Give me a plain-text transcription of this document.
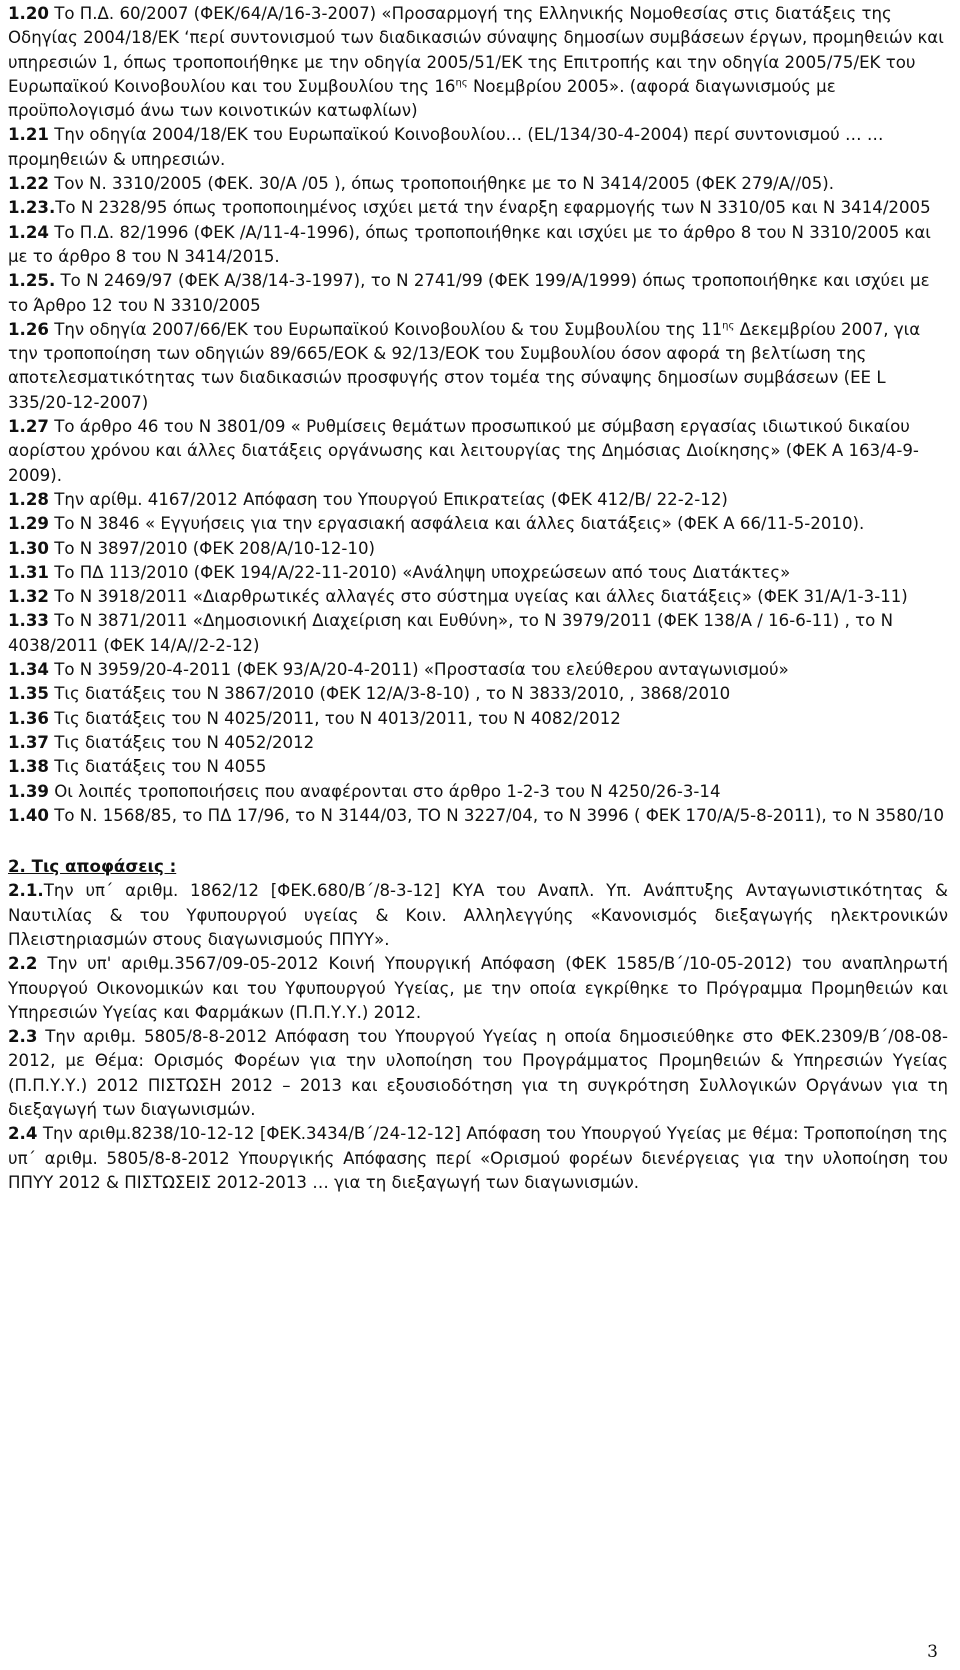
1.20 Το Π.Δ. 60/2007 (ΦΕΚ/64/Α/16-3-2007) «Προσαρμογή της Ελληνικής Νομοθεσίας στις διατάξεις της Οδηγίας 2004/18/ΕΚ ‘περί συντονισμού των διαδικασιών σύναψης δημοσίων συμβάσεων έργων, προμηθειών και υπηρεσιών 1, όπως τροποποιήθηκε με την οδηγία 2005/51/ΕΚ της Επιτροπής και την οδηγία 2005/75/ΕΚ του Ευρωπαϊκού Κοινοβουλίου και του Συμβουλίου της $16^{\eta\varsigma}$ Νοεμβρίου 2005». (αφορά διαγωνισμούς με προϋπολογισμό άνω των κοινοτικών κατωφλίων)

1.21 Την οδηγία 2004/18/ΕΚ του Ευρωπαϊκού Κοινοβουλίου… (EL/134/30-4-2004) περί συντονισμού … … προμηθειών & υπηρεσιών.

1.22 Τον Ν. 3310/2005 (ΦΕΚ. 30/Α /05 ), όπως τροποποιήθηκε με το Ν 3414/2005 (ΦΕΚ 279/Α//05).

1.23.Το Ν 2328/95 όπως τροποποιημένος ισχύει μετά την έναρξη εφαρμογής των Ν 3310/05 και Ν 3414/2005

1.24 Το Π.Δ. 82/1996 (ΦΕΚ /Α/11-4-1996), όπως τροποποιήθηκε και ισχύει με το άρθρο 8 του Ν 3310/2005 και με το άρθρο 8 του Ν 3414/2015.

1.25. Το Ν 2469/97 (ΦΕΚ Α/38/14-3-1997), το Ν 2741/99 (ΦΕΚ 199/Α/1999) όπως τροποποιήθηκε και ισχύει με το Άρθρο 12 του Ν 3310/2005

1.26 Την οδηγία 2007/66/ΕΚ του Ευρωπαϊκού Κοινοβουλίου & του Συμβουλίου της $11^{\eta\varsigma}$ Δεκεμβρίου 2007, για την τροποποίηση των οδηγιών 89/665/ΕΟΚ & 92/13/ΕΟΚ του Συμβουλίου όσον αφορά τη βελτίωση της αποτελεσματικότητας των διαδικασιών προσφυγής στον τομέα της σύναψης δημοσίων συμβάσεων (EE L 335/20-12-2007)

1.27 Το άρθρο 46 του Ν 3801/09 « Ρυθμίσεις θεμάτων προσωπικού με σύμβαση εργασίας ιδιωτικού δικαίου αορίστου χρόνου και άλλες διατάξεις οργάνωσης και λειτουργίας της Δημόσιας Διοίκησης» (ΦΕΚ Α 163/4-9-2009).

1.28 Την αρίθμ. 4167/2012 Απόφαση του Υπουργού Επικρατείας (ΦΕΚ 412/Β/ 22-2-12)

1.29 Το Ν 3846 « Εγγυήσεις για την εργασιακή ασφάλεια και άλλες διατάξεις» (ΦΕΚ Α 66/11-5-2010).

1.30 Το Ν 3897/2010 (ΦΕΚ 208/Α/10-12-10)

1.31 Το ΠΔ 113/2010 (ΦΕΚ 194/Α/22-11-2010) «Ανάληψη υποχρεώσεων από τους Διατάκτες»

1.32 Το Ν 3918/2011 «Διαρθρωτικές αλλαγές στο σύστημα υγείας και άλλες διατάξεις» (ΦΕΚ 31/Α/1-3-11)

1.33 Το Ν 3871/2011 «Δημοσιονική Διαχείριση και Ευθύνη», το Ν 3979/2011 (ΦΕΚ 138/Α / 16-6-11) , το Ν 4038/2011 (ΦΕΚ 14/Α//2-2-12)

1.34 Το Ν 3959/20-4-2011 (ΦΕΚ 93/Α/20-4-2011) «Προστασία του ελεύθερου ανταγωνισμού»

1.35 Τις διατάξεις του Ν 3867/2010 (ΦΕΚ 12/Α/3-8-10) , το Ν 3833/2010, , 3868/2010

1.36 Τις διατάξεις του Ν 4025/2011, του Ν 4013/2011, του Ν 4082/2012

1.37 Τις διατάξεις του Ν 4052/2012

1.38 Τις διατάξεις του Ν 4055

1.39 Οι λοιπές τροποποιήσεις που αναφέρονται στο άρθρο 1-2-3 του Ν 4250/26-3-14

1.40 Το Ν. 1568/85, το ΠΔ 17/96, το Ν 3144/03, ΤΟ Ν 3227/04, το Ν 3996 ( ΦΕΚ 170/Α/5-8-2011), το Ν 3580/10

2. Τις αποφάσεις :

2.1.Την υπ΄ αριθμ. 1862/12 [ΦΕΚ.680/Β΄/8-3-12] ΚΥΑ του Αναπλ. Υπ. Ανάπτυξης Ανταγωνιστικότητας & Ναυτιλίας & του Υφυπουργού υγείας & Κοιν. Αλληλεγγύης «Κανονισμός διεξαγωγής ηλεκτρονικών Πλειστηριασμών στους διαγωνισμούς ΠΠΥΥ».

2.2 Την υπ' αριθμ.3567/09-05-2012 Κοινή Υπουργική Απόφαση (ΦΕΚ 1585/Β΄/10-05-2012) του αναπληρωτή Υπουργού Οικονομικών και του Υφυπουργού Υγείας, με την οποία εγκρίθηκε το Πρόγραμμα Προμηθειών και Υπηρεσιών Υγείας και Φαρμάκων (Π.Π.Υ.Υ.) 2012.

2.3 Την αριθμ. 5805/8-8-2012 Απόφαση του Υπουργού Υγείας η οποία δημοσιεύθηκε στο ΦΕΚ.2309/Β΄/08-08-2012, με Θέμα: Ορισμός Φορέων για την υλοποίηση του Προγράμματος Προμηθειών & Υπηρεσιών Υγείας (Π.Π.Υ.Υ.) 2012 ΠΙΣΤΩΣΗ 2012 – 2013 και εξουσιοδότηση για τη συγκρότηση Συλλογικών Οργάνων για τη διεξαγωγή των διαγωνισμών.

2.4 Την αριθμ.8238/10-12-12 [ΦΕΚ.3434/Β΄/24-12-12] Απόφαση του Υπουργού Υγείας με θέμα: Τροποποίηση της υπ΄ αριθμ. 5805/8-8-2012 Υπουργικής Απόφασης περί «Ορισμού φορέων διενέργειας για την υλοποίηση του ΠΠΥΥ 2012 & ΠΙΣΤΩΣΕΙΣ 2012-2013 … για τη διεξαγωγή των διαγωνισμών.

3
